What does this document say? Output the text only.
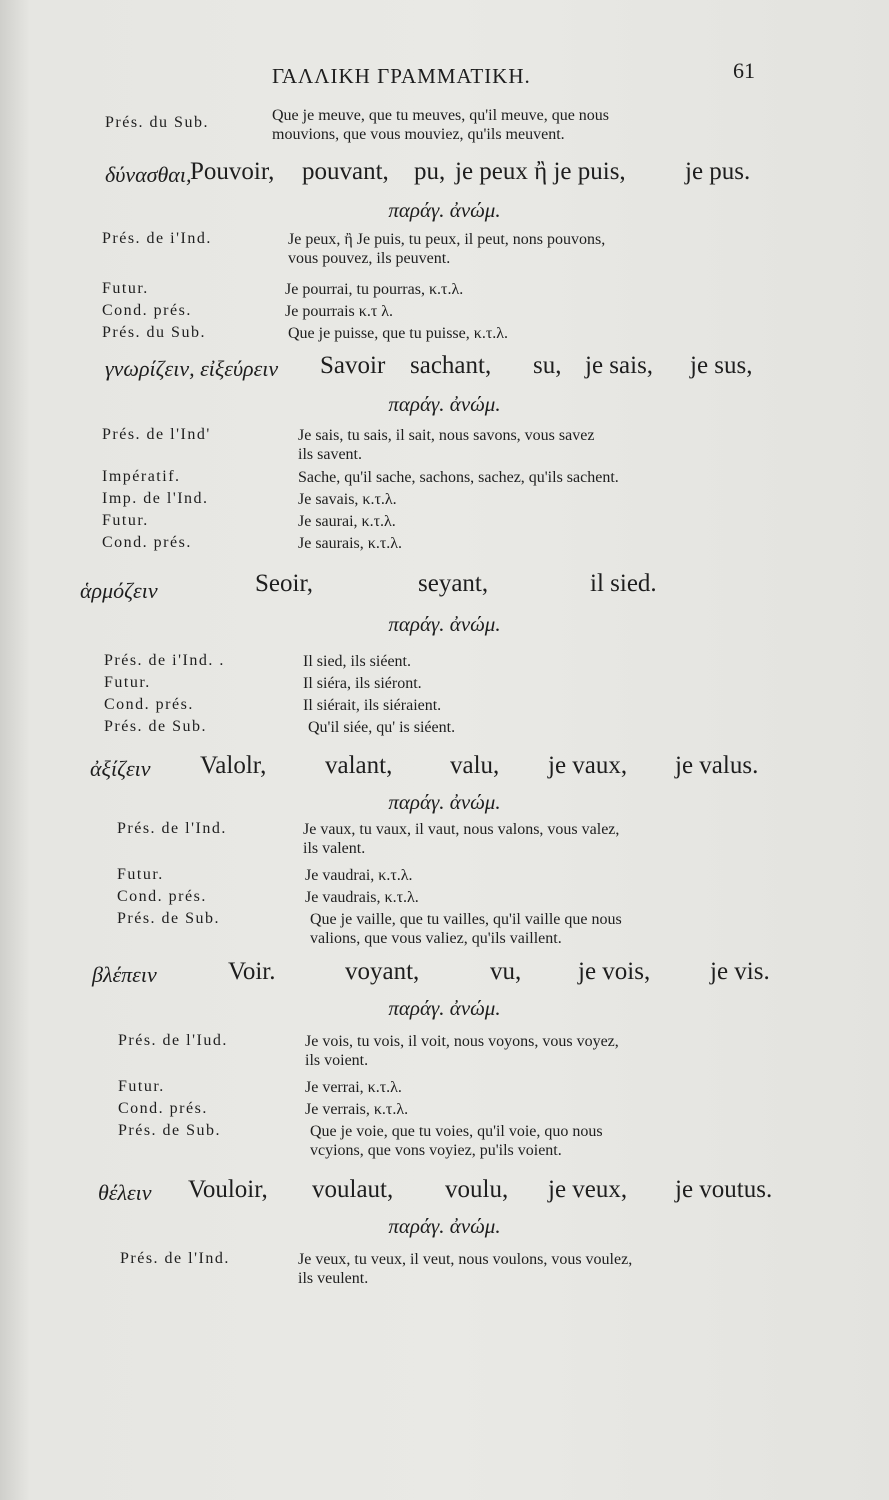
ΓΑΛΛΙΚΗ ΓΡΑΜΜΑΤΙΚΗ.	61
Prés. du Sub.	Que je meuve, que tu meuves, qu'il meuve, que nous
mouvions, que vous mouviez, qu'ils meuvent.
δύνασθαι,
Pouvoir, pouvant, pu, je peux ἢ je puis, je pus.
παράγ. ἀνώμ.
Prés. de i'Ind.	Je peux, ἢ Je puis, tu peux, il peut, nons pouvons,
vous pouvez, ils peuvent.
Futur.	Je pourrai, tu pourras, κ.τ.λ.
Cond. prés.	Je pourrais κ.τ λ.
Prés. du Sub.	Que je puisse, que tu puisse, κ.τ.λ.
γνωρίζειν, εἰξεύρειν Savoir sachant, su, je sais, je sus,
παράγ. ἀνώμ.
Prés. de l'Ind'	Je sais, tu sais, il sait, nous savons, vous savez
ils savent.
Impératif.	Sache, qu'il sache, sachons, sachez, qu'ils sachent.
Imp. de l'Ind.	Je savais, κ.τ.λ.
Futur.	Je saurai, κ.τ.λ.
Cond. prés.	Je saurais, κ.τ.λ.
ἁρμόζειν	Seoir,	seyant,	il sied.
παράγ. ἀνώμ.
Prés. de i'Ind. .	Il sied, ils siéent.
Futur.	Il siéra, ils siéront.
Cond. prés.	Il siérait, ils siéraient.
Prés. de Sub.	Qu'il siée, qu' is siéent.
ἀξίζειν Valolr, valant, valu, je vaux, je valus.
παράγ. ἀνώμ.
Prés. de l'Ind.	Je vaux, tu vaux, il vaut, nous valons, vous valez,
ils valent.
Futur.	Je vaudrai, κ.τ.λ.
Cond. prés.	Je vaudrais, κ.τ.λ.
Prés. de Sub.	Que je vaille, que tu vailles, qu'il vaille que nous
valions, que vous valiez, qu'ils vaillent.
βλέπειν	Voir.	voyant,	vu, je vois, je vis.
παράγ. ἀνώμ.
Prés. de l'Iud.	Je vois, tu vois, il voit, nous voyons, vous voyez,
ils voient.
Futur.	Je verrai, κ.τ.λ.
Cond. prés.	Je verrais, κ.τ.λ.
Prés. de Sub.	Que je voie, que tu voies, qu'il voie, quo nous
vcyions, que vons voyiez, pu'ils voient.
θέλειν Vouloir, voulaut, voulu, je veux, je voutus.
παράγ. ἀνώμ.
Prés. de l'Ind.	Je veux, tu veux, il veut, nous voulons, vous voulez,
ils veulent.
